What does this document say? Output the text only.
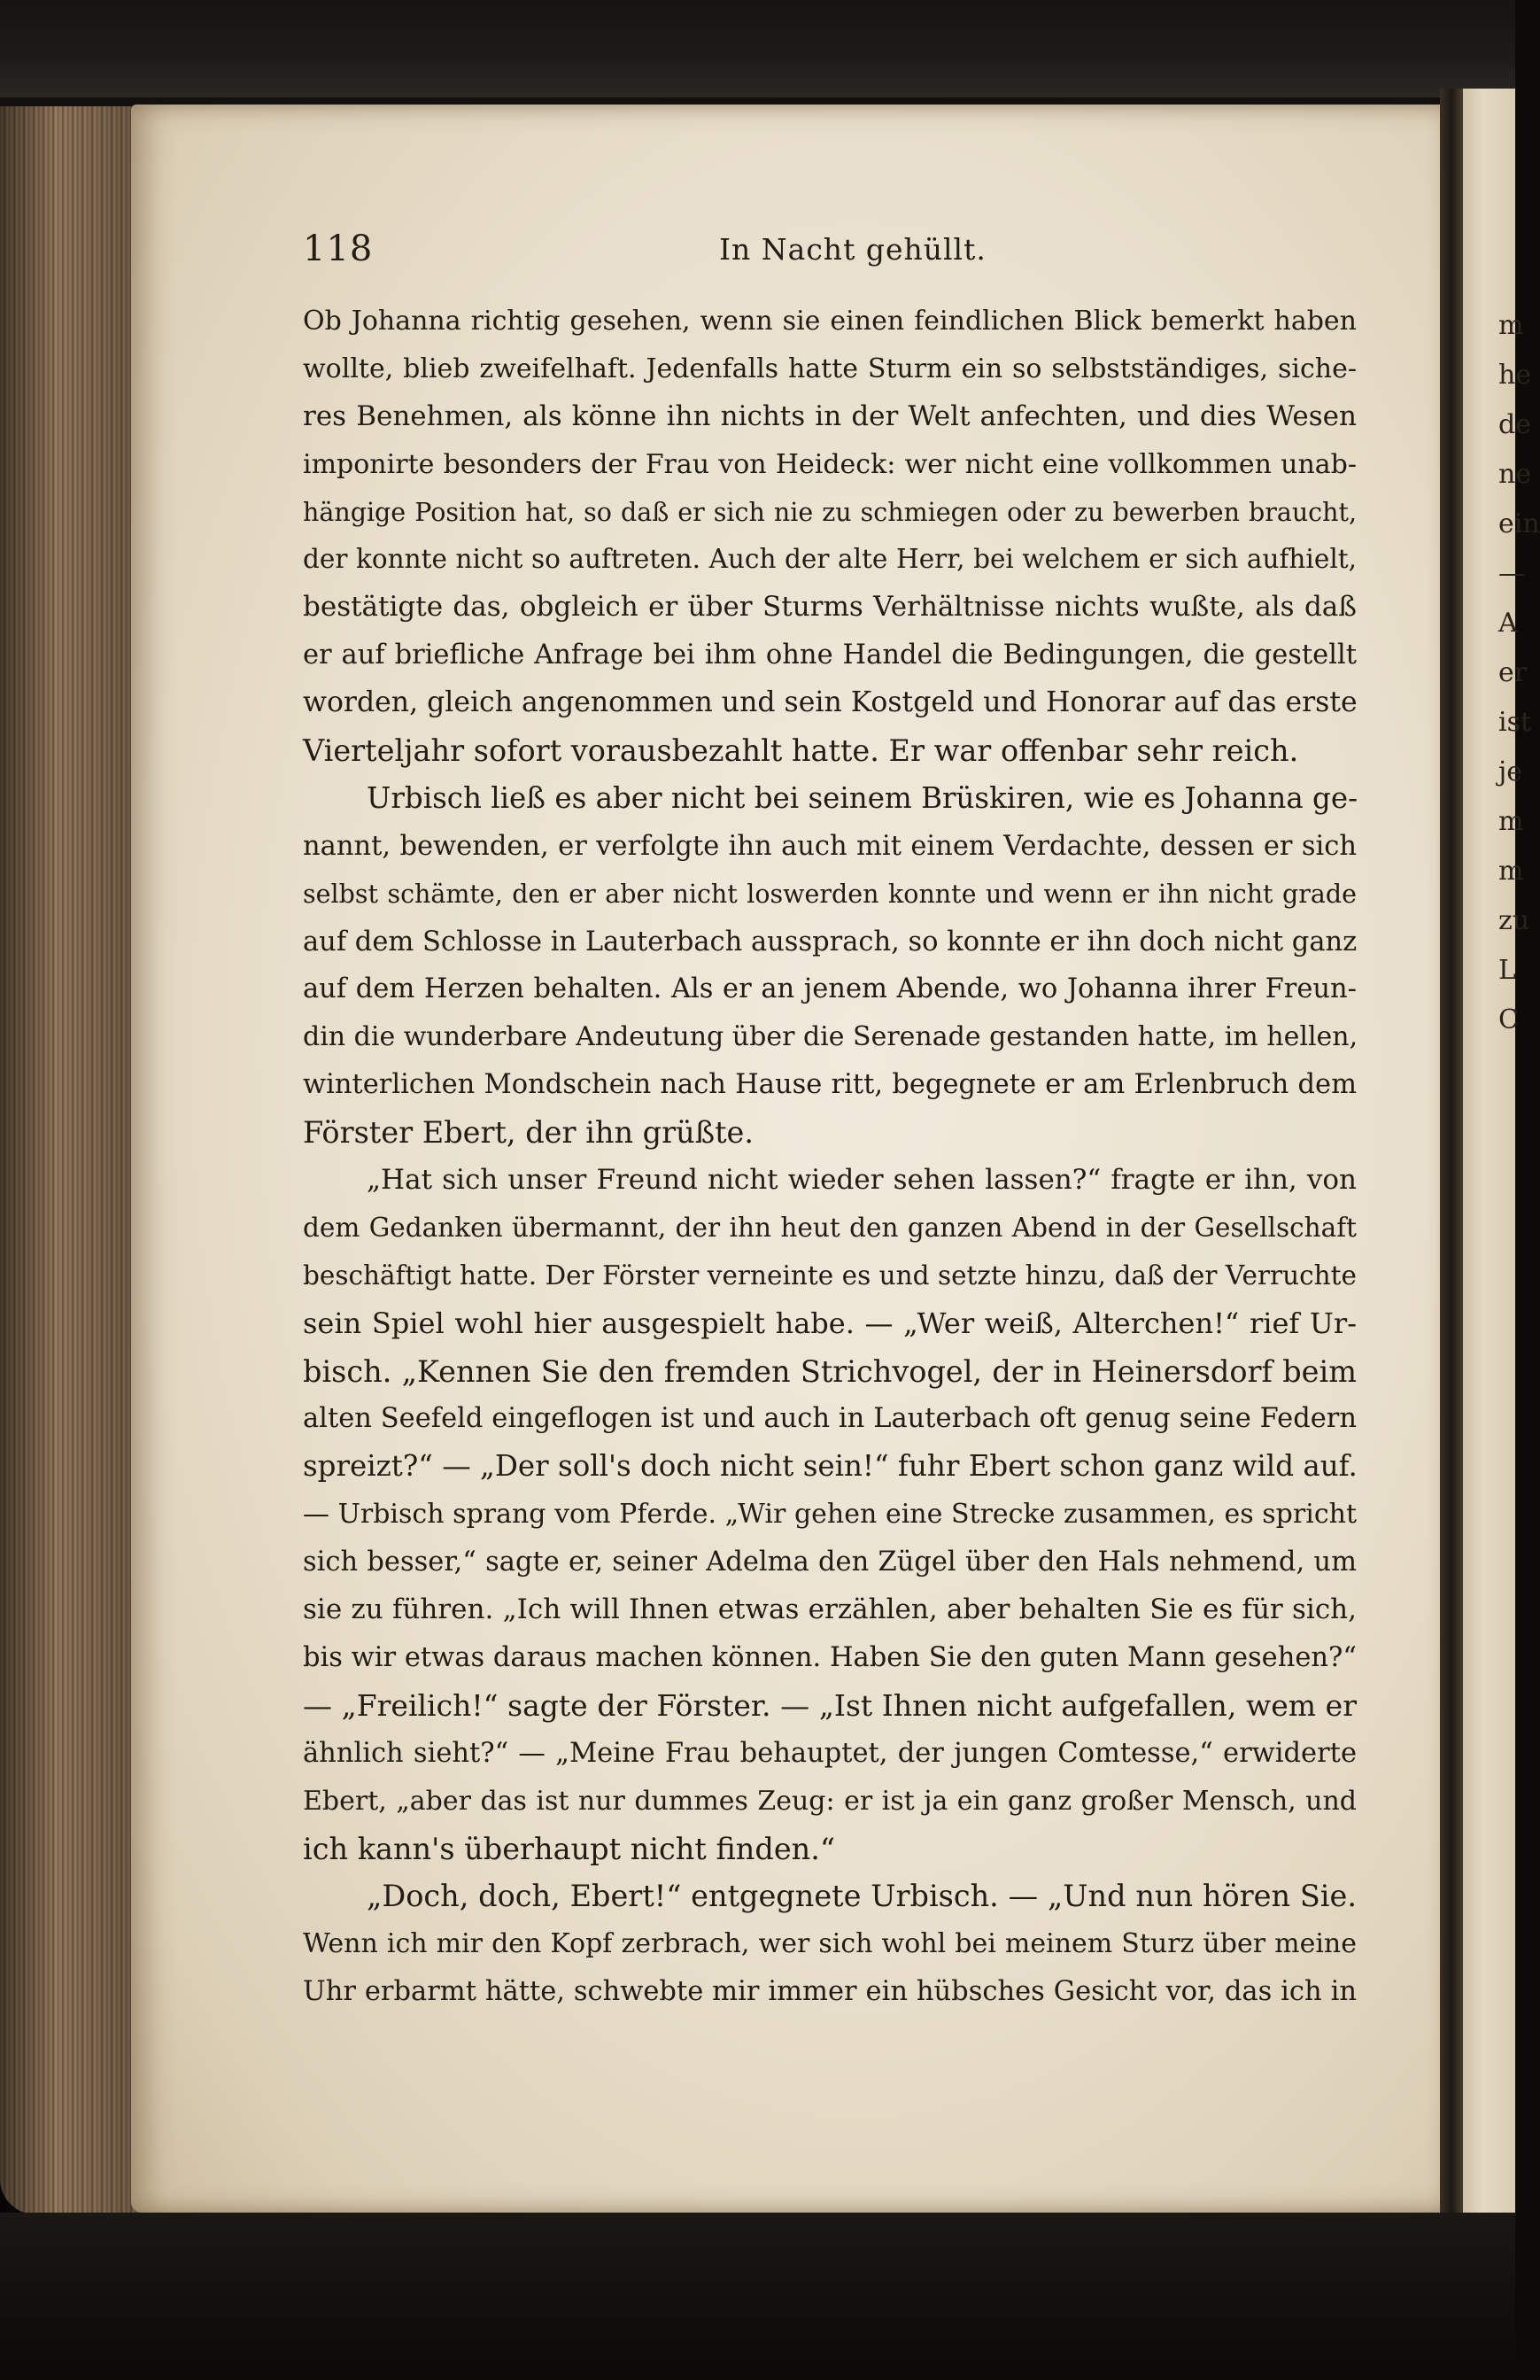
m
he
de
ne
ein
—
A
er
ist
je
m
m
zu
L
C
118	In Nacht gehüllt.
Ob Johanna richtig gesehen, wenn sie einen feindlichen Blick bemerkt haben
wollte, blieb zweifelhaft. Jedenfalls hatte Sturm ein so selbstständiges, siche-
res Benehmen, als könne ihn nichts in der Welt anfechten, und dies Wesen
imponirte besonders der Frau von Heideck: wer nicht eine vollkommen unab-
hängige Position hat, so daß er sich nie zu schmiegen oder zu bewerben braucht,
der konnte nicht so auftreten. Auch der alte Herr, bei welchem er sich aufhielt,
bestätigte das, obgleich er über Sturms Verhältnisse nichts wußte, als daß
er auf briefliche Anfrage bei ihm ohne Handel die Bedingungen, die gestellt
worden, gleich angenommen und sein Kostgeld und Honorar auf das erste
Vierteljahr sofort vorausbezahlt hatte. Er war offenbar sehr reich.
Urbisch ließ es aber nicht bei seinem Brüskiren, wie es Johanna ge-
nannt, bewenden, er verfolgte ihn auch mit einem Verdachte, dessen er sich
selbst schämte, den er aber nicht loswerden konnte und wenn er ihn nicht grade
auf dem Schlosse in Lauterbach aussprach, so konnte er ihn doch nicht ganz
auf dem Herzen behalten. Als er an jenem Abende, wo Johanna ihrer Freun-
din die wunderbare Andeutung über die Serenade gestanden hatte, im hellen,
winterlichen Mondschein nach Hause ritt, begegnete er am Erlenbruch dem
Förster Ebert, der ihn grüßte.
„Hat sich unser Freund nicht wieder sehen lassen?“ fragte er ihn, von
dem Gedanken übermannt, der ihn heut den ganzen Abend in der Gesellschaft
beschäftigt hatte. Der Förster verneinte es und setzte hinzu, daß der Verruchte
sein Spiel wohl hier ausgespielt habe. — „Wer weiß, Alterchen!“ rief Ur-
bisch. „Kennen Sie den fremden Strichvogel, der in Heinersdorf beim
alten Seefeld eingeflogen ist und auch in Lauterbach oft genug seine Federn
spreizt?“ — „Der soll's doch nicht sein!“ fuhr Ebert schon ganz wild auf.
— Urbisch sprang vom Pferde. „Wir gehen eine Strecke zusammen, es spricht
sich besser,“ sagte er, seiner Adelma den Zügel über den Hals nehmend, um
sie zu führen. „Ich will Ihnen etwas erzählen, aber behalten Sie es für sich,
bis wir etwas daraus machen können. Haben Sie den guten Mann gesehen?“
— „Freilich!“ sagte der Förster. — „Ist Ihnen nicht aufgefallen, wem er
ähnlich sieht?“ — „Meine Frau behauptet, der jungen Comtesse,“ erwiderte
Ebert, „aber das ist nur dummes Zeug: er ist ja ein ganz großer Mensch, und
ich kann's überhaupt nicht finden.“
„Doch, doch, Ebert!“ entgegnete Urbisch. — „Und nun hören Sie.
Wenn ich mir den Kopf zerbrach, wer sich wohl bei meinem Sturz über meine
Uhr erbarmt hätte, schwebte mir immer ein hübsches Gesicht vor, das ich in
